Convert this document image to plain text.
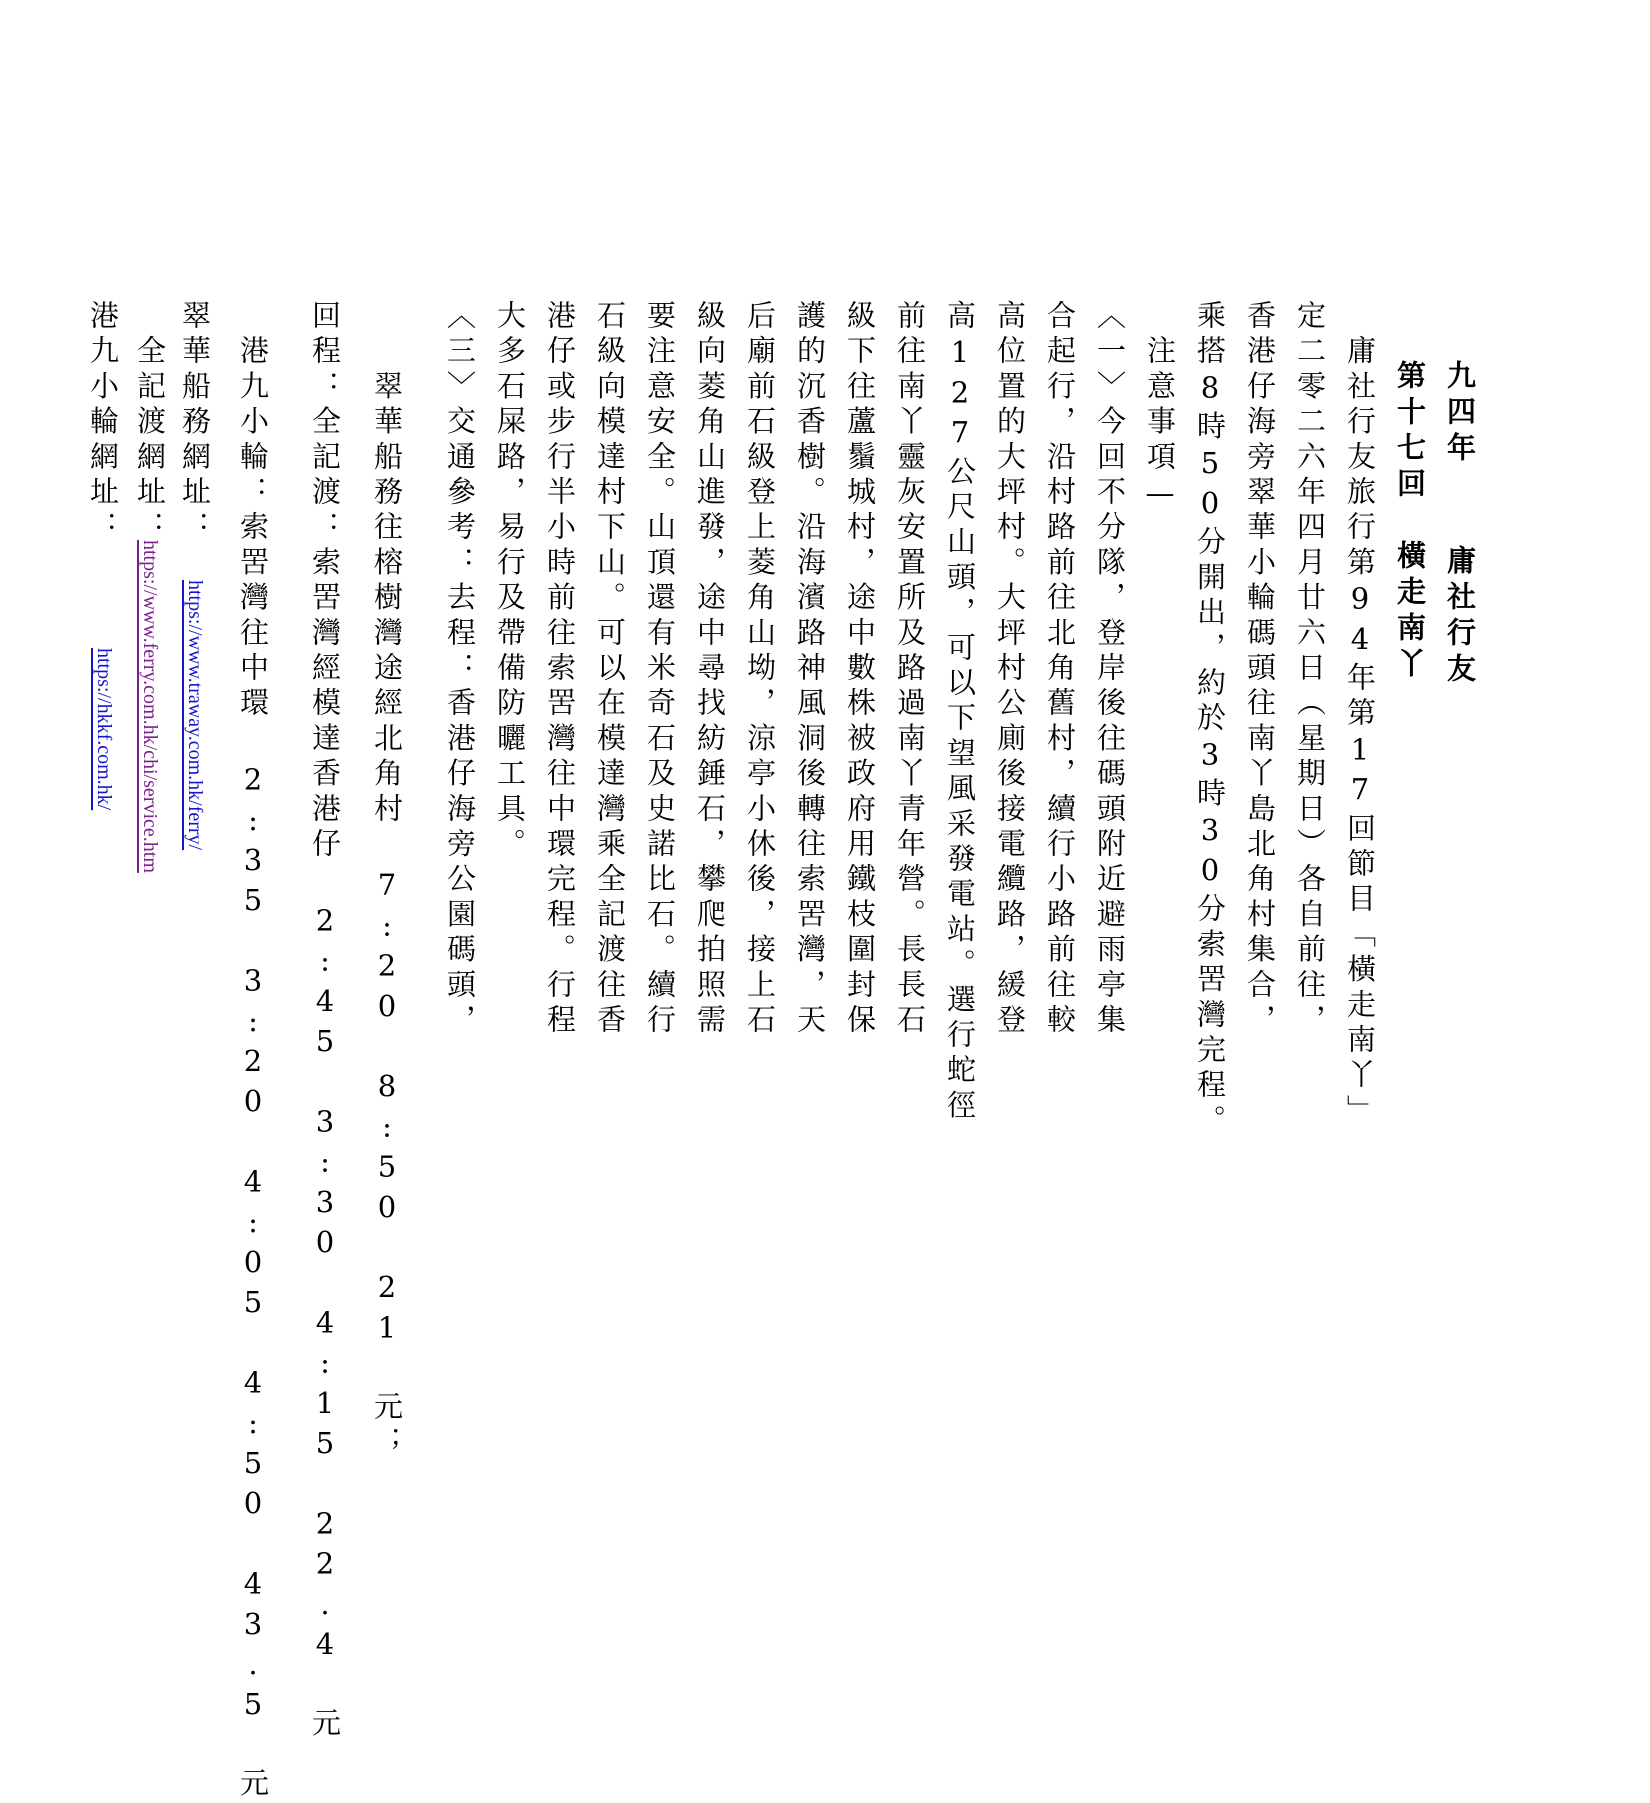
九四年　 庸社行友
第十七回　橫走南丫
　庸社行友旅行第94年第17回節目「橫走南丫」
定二零二六年四月廿六日（星期日）各自前往，
香港仔海旁翠華小輪碼頭往南丫島北角村集合，
乘搭8時50分開出，約於3時30分索罟灣完程。
　注意事項—
〈一〉今回不分隊，登岸後往碼頭附近避雨亭集
合起行，沿村路前往北角舊村，續行小路前往較
高位置的大坪村。大坪村公廁後接電纜路，緩登
高127公尺山頭，可以下望風采發電站。選行蛇徑
前往南丫靈灰安置所及路過南丫青年營。長長石
級下往蘆鬚城村，途中數株被政府用鐵枝圍封保
護的沉香樹。沿海濱路神風洞後轉往索罟灣，天
后廟前石級登上菱角山坳，涼亭小休後，接上石
級向菱角山進發，途中尋找紡錘石，攀爬拍照需
要注意安全。山頂還有米奇石及史諾比石。續行
石級向模達村下山。可以在模達灣乘全記渡往香
港仔或步行半小時前往索罟灣往中環完程。行程
大多石屎路，易行及帶備防曬工具。
〈三〉交通參考：去程：香港仔海旁公園碼頭，
　　翠華船務往榕樹灣途經北角村 7:20 8:50 21 元；
回程：全記渡：索罟灣經模達香港仔 2:45 3:30 4:15 22.4 元
　港九小輪：索罟灣往中環 2:35 3:20 4:05 4:50 43.5 元
翠華船務網址：
　全記渡網址：
港九小輪網址：
https://www.traway.com.hk/ferry/
https://www.ferry.com.hk/chi/service.htm
https://hkkf.com.hk/
